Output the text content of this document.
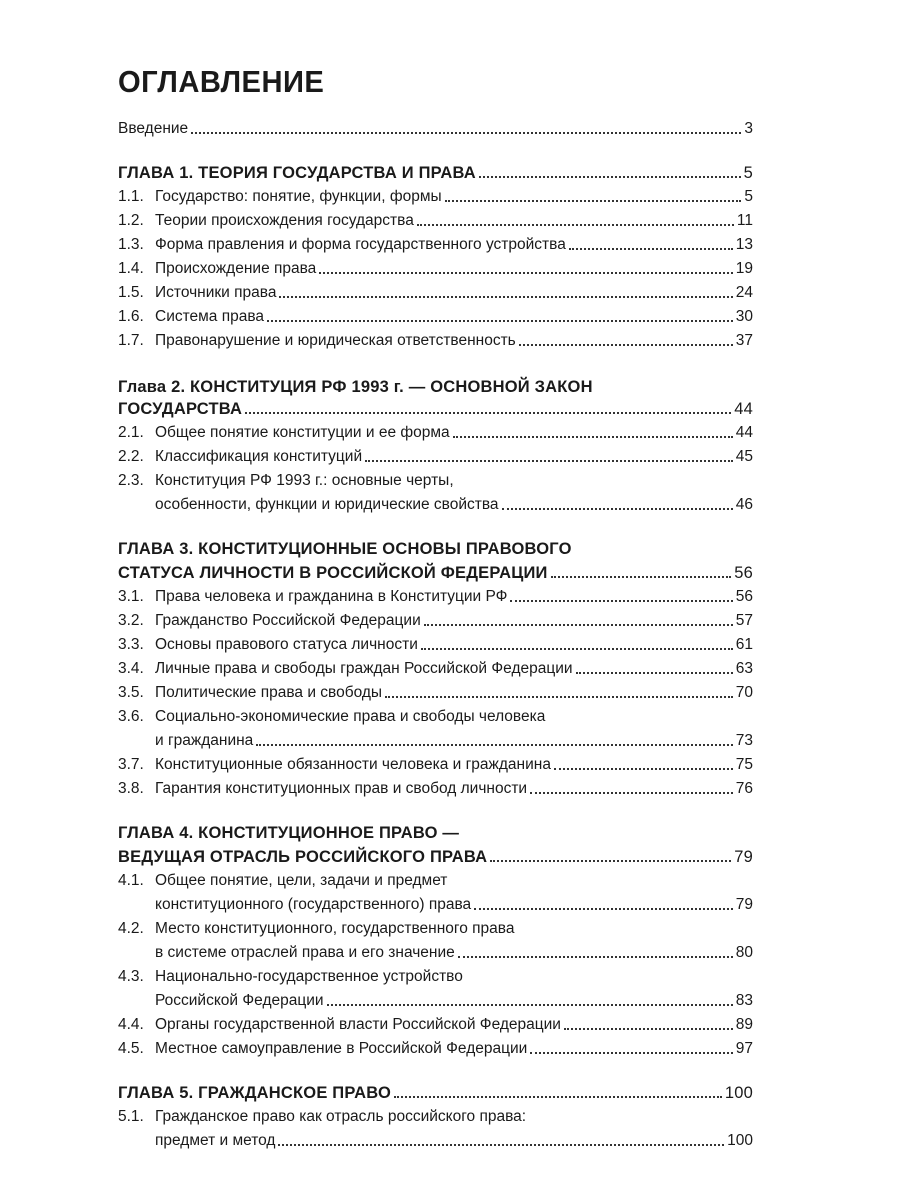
ОГЛАВЛЕНИЕ
Введение	3
ГЛАВА 1. ТЕОРИЯ ГОСУДАРСТВА И ПРАВА	5
1.1. Государство: понятие, функции, формы	5
1.2. Теории происхождения государства	11
1.3. Форма правления и форма государственного устройства	13
1.4. Происхождение права	19
1.5. Источники права	24
1.6. Система права	30
1.7. Правонарушение и юридическая ответственность	37
Глава 2. КОНСТИТУЦИЯ РФ 1993 г. — ОСНОВНОЙ ЗАКОН
ГОСУДАРСТВА	44
2.1. Общее понятие конституции и ее форма	44
2.2. Классификация конституций	45
2.3. Конституция РФ 1993 г.: основные черты,
особенности, функции и юридические свойства	46
ГЛАВА 3. КОНСТИТУЦИОННЫЕ ОСНОВЫ ПРАВОВОГО
СТАТУСА ЛИЧНОСТИ В РОССИЙСКОЙ ФЕДЕРАЦИИ	56
3.1. Права человека и гражданина в Конституции РФ	56
3.2. Гражданство Российской Федерации	57
3.3. Основы правового статуса личности	61
3.4. Личные права и свободы граждан Российской Федерации	63
3.5. Политические права и свободы	70
3.6. Социально-экономические права и свободы человека
и гражданина	73
3.7. Конституционные обязанности человека и гражданина	75
3.8. Гарантия конституционных прав и свобод личности	76
ГЛАВА 4. КОНСТИТУЦИОННОЕ ПРАВО —
ВЕДУЩАЯ ОТРАСЛЬ РОССИЙСКОГО ПРАВА	79
4.1. Общее понятие, цели, задачи и предмет
конституционного (государственного) права	79
4.2. Место конституционного, государственного права
в системе отраслей права и его значение	80
4.3. Национально-государственное устройство
Российской Федерации	83
4.4. Органы государственной власти Российской Федерации	89
4.5. Местное самоуправление в Российской Федерации	97
ГЛАВА 5. ГРАЖДАНСКОЕ ПРАВО	100
5.1. Гражданское право как отрасль российского права:
предмет и метод	100
